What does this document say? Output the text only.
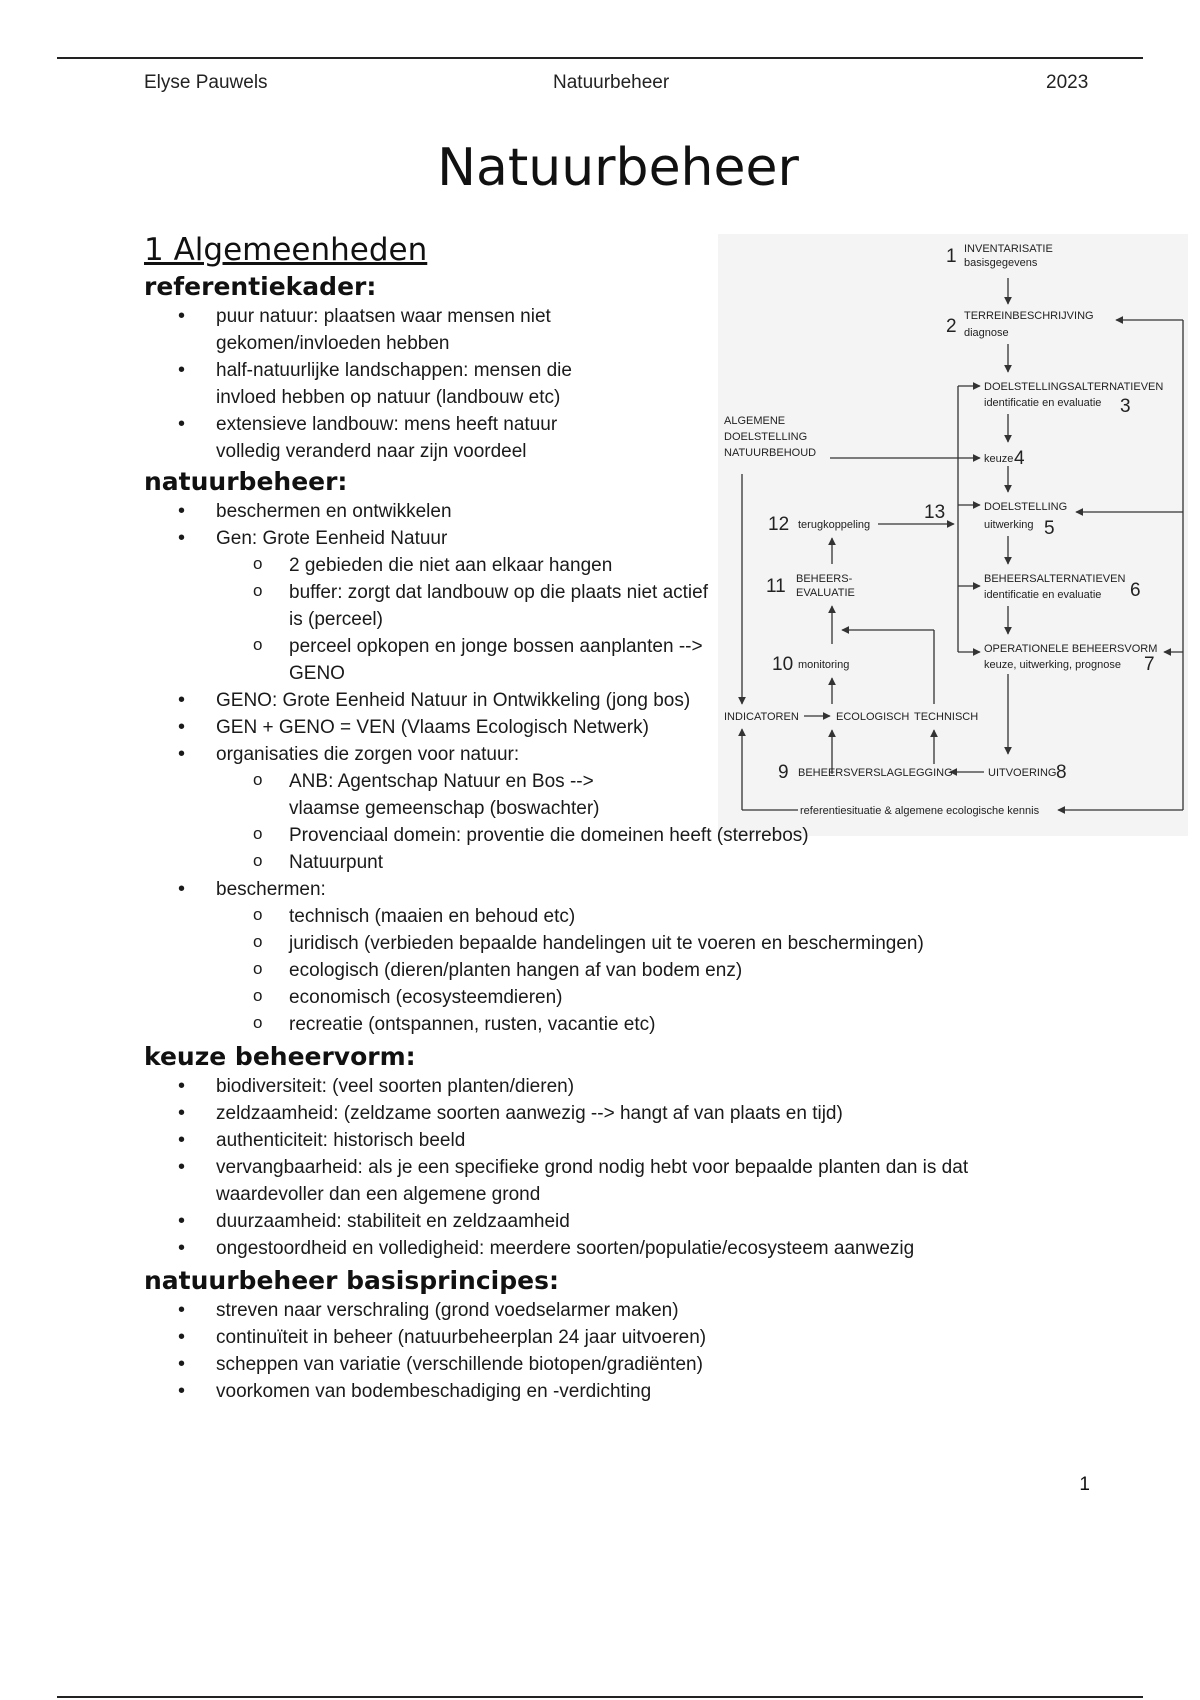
Elyse Pauwels	Natuurbeheer	2023
Natuurbeheer
1 INVENTARISATIE
basisgegevens
2 TERREINBESCHRIJVING
diagnose
DOELSTELLINGSALTERNATIEVEN
identificatie en evaluatie 3
ALGEMENE
DOELSTELLING
NATUURBEHOUD	keuze 4
13	DOELSTELLING
uitwerking 5
12 terugkoppeling
11 BEHEERS-
EVALUATIE
BEHEERSALTERNATIEVEN
identificatie en evaluatie 6
OPERATIONELE BEHEERSVORM
keuze, uitwerking, prognose 7
10 monitoring
INDICATOREN	ECOLOGISCH TECHNISCH
9 BEHEERSVERSLAGLEGGING	UITVOERING 8
referentiesituatie & algemene ecologische kennis
1 Algemeenheden
referentiekader:
• puur natuur: plaatsen waar mensen niet gekomen/invloeden hebben
• half-natuurlijke landschappen: mensen die invloed hebben op natuur (landbouw etc)
• extensieve landbouw: mens heeft natuur volledig veranderd naar zijn voordeel
natuurbeheer:
• beschermen en ontwikkelen
• Gen: Grote Eenheid Natuur
o 2 gebieden die niet aan elkaar hangen
o buffer: zorgt dat landbouw op die plaats niet actief is (perceel)
o perceel opkopen en jonge bossen aanplanten --> GENO
• GENO: Grote Eenheid Natuur in Ontwikkeling (jong bos)
• GEN + GENO = VEN (Vlaams Ecologisch Netwerk)
• organisaties die zorgen voor natuur:
o ANB: Agentschap Natuur en Bos --> vlaamse gemeenschap (boswachter)
o Provenciaal domein: proventie die domeinen heeft (sterrebos)
o Natuurpunt
• beschermen:
o technisch (maaien en behoud etc)
o juridisch (verbieden bepaalde handelingen uit te voeren en beschermingen)
o ecologisch (dieren/planten hangen af van bodem enz)
o economisch (ecosysteemdieren)
o recreatie (ontspannen, rusten, vacantie etc)
keuze beheervorm:
• biodiversiteit: (veel soorten planten/dieren)
• zeldzaamheid: (zeldzame soorten aanwezig --> hangt af van plaats en tijd)
• authenticiteit: historisch beeld
• vervangbaarheid: als je een specifieke grond nodig hebt voor bepaalde planten dan is dat waardevoller dan een algemene grond
• duurzaamheid: stabiliteit en zeldzaamheid
• ongestoordheid en volledigheid: meerdere soorten/populatie/ecosysteem aanwezig
natuurbeheer basisprincipes:
• streven naar verschraling (grond voedselarmer maken)
• continuïteit in beheer (natuurbeheerplan 24 jaar uitvoeren)
• scheppen van variatie (verschillende biotopen/gradiënten)
• voorkomen van bodembeschadiging en -verdichting
1
